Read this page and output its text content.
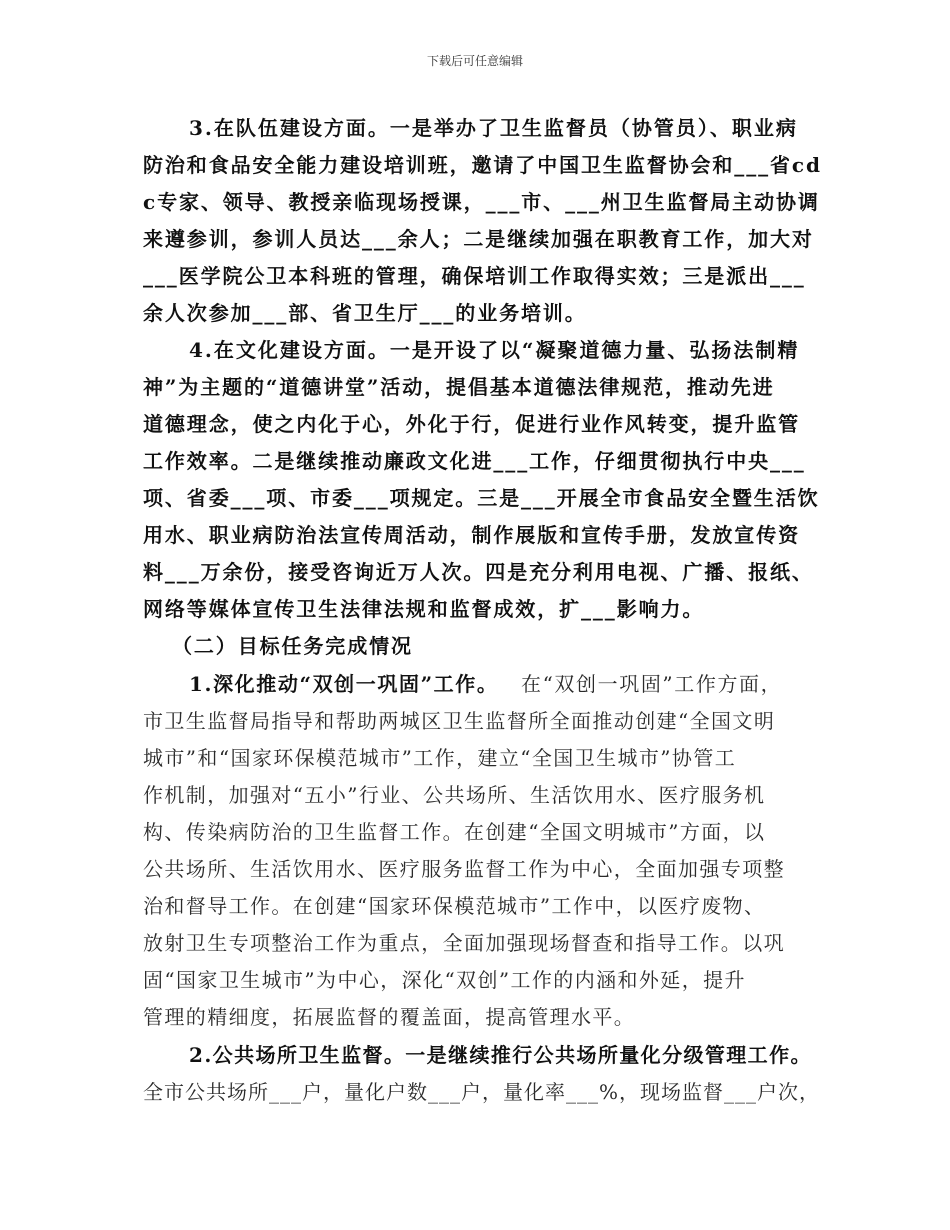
下载后可任意编辑
3.在队伍建设方面。一是举办了卫生监督员（协管员）、职业病
防治和食品安全能力建设培训班，邀请了中国卫生监督协会和___省cd
c专家、领导、教授亲临现场授课，___市、___州卫生监督局主动协调
来遵参训，参训人员达___余人；二是继续加强在职教育工作，加大对
___医学院公卫本科班的管理，确保培训工作取得实效；三是派出___
余人次参加___部、省卫生厅___的业务培训。
4.在文化建设方面。一是开设了以“凝聚道德力量、弘扬法制精
神”为主题的“道德讲堂”活动，提倡基本道德法律规范，推动先进
道德理念，使之内化于心，外化于行，促进行业作风转变，提升监管
工作效率。二是继续推动廉政文化进___工作，仔细贯彻执行中央___
项、省委___项、市委___项规定。三是___开展全市食品安全暨生活饮
用水、职业病防治法宣传周活动，制作展版和宣传手册，发放宣传资
料___万余份，接受咨询近万人次。四是充分利用电视、广播、报纸、
网络等媒体宣传卫生法律法规和监督成效，扩___影响力。
（二）目标任务完成情况
1.深化推动“双创一巩固”工作。 在“双创一巩固”工作方面，
市卫生监督局指导和帮助两城区卫生监督所全面推动创建“全国文明
城市”和“国家环保模范城市”工作，建立“全国卫生城市”协管工
作机制，加强对“五小”行业、公共场所、生活饮用水、医疗服务机
构、传染病防治的卫生监督工作。在创建“全国文明城市”方面，以
公共场所、生活饮用水、医疗服务监督工作为中心，全面加强专项整
治和督导工作。在创建“国家环保模范城市”工作中，以医疗废物、
放射卫生专项整治工作为重点，全面加强现场督查和指导工作。以巩
固“国家卫生城市”为中心，深化“双创”工作的内涵和外延，提升
管理的精细度，拓展监督的覆盖面，提高管理水平。
2.公共场所卫生监督。一是继续推行公共场所量化分级管理工作。
全市公共场所___户，量化户数___户，量化率___%，现场监督___户次，
